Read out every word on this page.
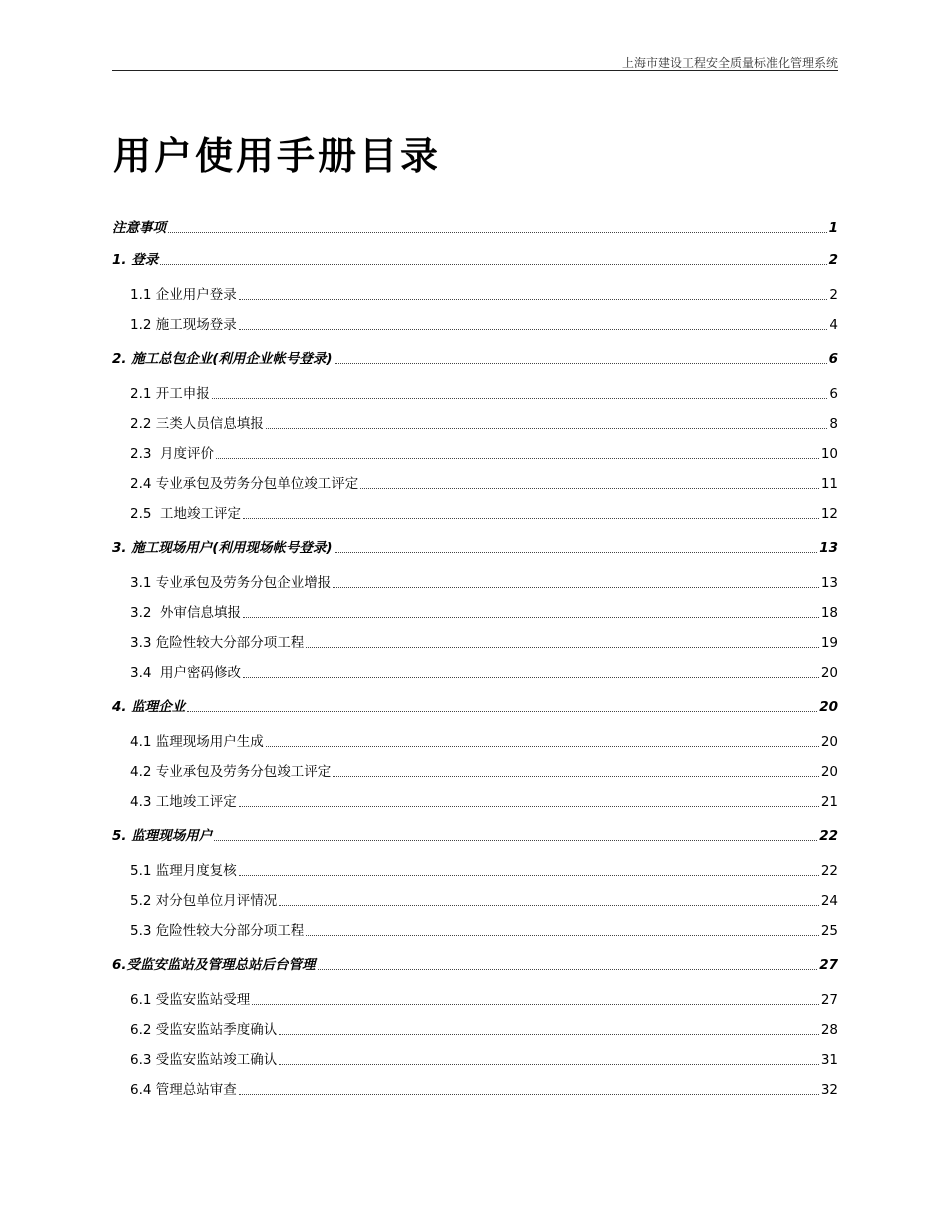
上海市建设工程安全质量标准化管理系统
用户使用手册目录
注意事项	1
1. 登录	2
1.1 企业用户登录	2
1.2 施工现场登录	4
2. 施工总包企业(利用企业帐号登录)	6
2.1 开工申报	6
2.2 三类人员信息填报	8
2.3  月度评价	10
2.4 专业承包及劳务分包单位竣工评定	11
2.5  工地竣工评定	12
3. 施工现场用户(利用现场帐号登录)	13
3.1 专业承包及劳务分包企业增报	13
3.2  外审信息填报	18
3.3 危险性较大分部分项工程	19
3.4  用户密码修改	20
4. 监理企业	20
4.1 监理现场用户生成	20
4.2 专业承包及劳务分包竣工评定	20
4.3 工地竣工评定	21
5. 监理现场用户	22
5.1 监理月度复核	22
5.2 对分包单位月评情况	24
5.3 危险性较大分部分项工程	25
6.受监安监站及管理总站后台管理	27
6.1 受监安监站受理	27
6.2 受监安监站季度确认	28
6.3 受监安监站竣工确认	31
6.4 管理总站审查	32
